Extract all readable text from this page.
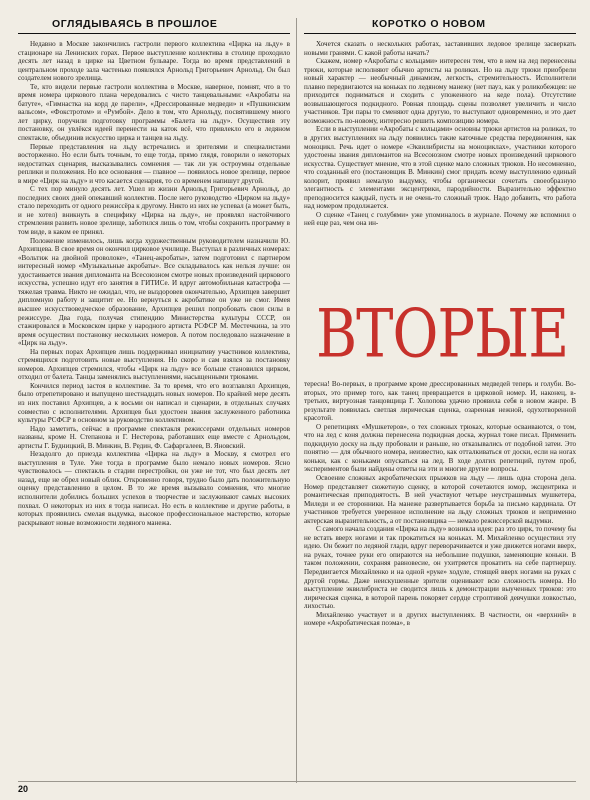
ОГЛЯДЫВАЯСЬ В ПРОШЛОЕ

Недавно в Москве закончились гастроли первого коллектива «Цирка на льду» в стационаре на Ленинских горах. Первое выступление коллектива в столице проходило десять лет назад в цирке на Цветном бульваре. Тогда во время представлений в центральном проходе зала частенько появлялся Арнольд Григорьевич Арнольд. Он был создателем нового зрелища.

Те, кто видели первые гастроли коллектива в Москве, наверное, помнят, что в то время номера циркового плана чередовались с чисто танцевальными: «Акробаты на батуте», «Гимнастка на корд де парели», «Дрессированные медведи» и «Пушкинским вальсом», «Фокстротом» и «Румбой». Дело в том, что Арнольду, посвятившему много лет цирку, поручили подготовку программы «Балета на льду». Осуществив эту постановку, он увлёкся идеей перенести на каток всё, что привлекло его в ледяном спектакле, объединив искусство цирка и танцев на льду.

Первые представления на льду встречались и зрителями и специалистами восторженно. Но если быть точным, то еще тогда, прямо глядя, говорили о некоторых недостатках сценария, высказывались сомнения — так ли уж остроумны отдельные реплики и положения. Но все основания — главное — появилось новое зрелище, первое в мире «Цирк на льду» и что касается сценария, то со временем напишут другой.

С тех пор минуло десять лет. Ушел из жизни Арнольд Григорьевич Арнольд, до последних своих дней опекавший коллектив. После него руководство «Цирком на льду» стало переходить от одного режиссёра к другому. Никто из них не успевал (а может быть, и не хотел) вникнуть в специфику «Цирка на льду», не проявлял настойчивого стремления развить новое зрелище, заботился лишь о том, чтобы сохранить программу в том виде, в каком ее принял.

Положение изменилось, лишь когда художественным руководителем назначили Ю. Архипцева. В свое время он окончил цирковое училище. Выступал в различных номерах: «Вольтиж на двойной проволоке», «Танец-акробаты», затем подготовил с партнером интересный номер «Музыкальные акробаты». Все складывалось как нельзя лучше: он удостаивается звания дипломанта на Всесоюзном смотре новых произведений циркового искусства, успешно идут его занятия в ГИТИСе. И вдруг автомобильная катастрофа — тяжелая травма. Никто не ожидал, что, не выздоровев окончательно, Архипцев завершит дипломную работу и защитит ее. Но вернуться к акробатике он уже не смог. Имея высшее искусствоведческое образование, Архипцев решил попробовать свои силы в режиссуре. Два года, получая стипендию Министерства культуры СССР, он стажировался в Московском цирке у народного артиста РСФСР М. Местечкина, за это время осуществил постановку нескольких номеров. А потом последовало назначение в «Цирк на льду».

На первых порах Архипцев лишь поддерживал инициативу участников коллектива, стремящихся подготовить новые выступления. Но скоро и сам взялся за постановку номеров. Архипцев стремился, чтобы «Цирк на льду» все больше становился цирком, отходил от балета. Танцы заменялись выступлениями, насыщенными трюками.

Кончился период застоя в коллективе. За то время, что его возглавлял Архипцев, было отрепетировано и выпущено шестнадцать новых номеров. По крайней мере десять из них поставил Архипцев, а к восьми он написал и сценарии, в отдельных случаях совместно с исполнителями. Архипцев был удостоен звания заслуженного работника культуры РСФСР в основном за руководство коллективом.

Надо заметить, сейчас в программе спектакля режиссерами отдельных номеров названы, кроме Н. Степанова и Г. Нестерова, работавших еще вместе с Арнольдом, артисты Г. Будницкий, В. Минкин, В. Редин, Ф. Сафаргалеев, В. Яновский.

Незадолго до приезда коллектива «Цирка на льду» в Москву, я смотрел его выступления в Туле. Уже тогда в программе было немало новых номеров. Ясно чувствовалось — спектакль в стадии перестройки, он уже не тот, что был десять лет назад, еще не обрел новый облик. Откровенно говоря, трудно было дать положительную оценку представлению в целом. В то же время вызывало сомнения, что многие исполнители добились больших успехов в творчестве и заслуживают самых высоких похвал. О некоторых из них я тогда написал. Но есть в коллективе и другие работы, в которых проявились смелая выдумка, высокое профессиональное мастерство, которые раскрывают новые возможности ледяного манежа.

КОРОТКО О НОВОМ

Хочется сказать о нескольких работах, заставивших ледовое зрелище засверкать новыми гранями. С какой работы начать?

Скажем, номер «Акробаты с кольцами» интересен тем, что в нем на лед перенесены трюки, которые исполняют обычно артисты на роликах. Но на льду трюки приобрели новый характер — необычный динамизм, легкость, стремительность. Исполнители плавно передвигаются на коньках по ледяному манежу (нет пауз, как у роликобежцев: не приходится подниматься и сходить с упоженного на кеде пола). Отсутствие возвышающегося подкидного. Ровная площадь сцены позволяет увеличить и число участников. Три пары то сменяют одна другую, то выступают одновременно, и это дает возможность по-новому, интересно решить композицию номера.

Если в выступлении «Акробаты с кольцами» основны трюки артистов на роликах, то в других выступлениях на льду появились такие каточные средства передвижения, как моноцикл. Речь идет о номере «Эквилибристы на моноциклах», участники которого удостоены звания дипломантов на Всесоюзном смотре новых произведений циркового искусства. Существует мнение, что в этой сценке мало сложных трюков. Но несомненно, что созданный его (постановщик В. Минкин) смог придать всему выступлению единый колорит, проявил немалую выдумку, чтобы органически сочетать своеобразную элегантность с элементами эксцентрики, пародийности. Выразительно эффектно преподносится каждый, пусть и не очень-то сложный трюк. Надо добавить, что работа над номером продолжается.

О сценке «Танец с голубями» уже упоминалось в журнале. Почему же вспомнил о ней еще раз, чем она ин-

ВТОРЫЕ

тересна! Во-первых, в программе кроме дрессированных медведей теперь и голуби. Во-вторых, это пример того, как танец превращается в цирковой номер. И, наконец, в-третьих, виртуозная танцовщица Г. Холопова удачно проявила себя в новом жанре. В результате появилась светлая лирическая сценка, озаренная нежной, одухотворенной красотой.

О репетициях «Мушкетеров», о тех сложных трюках, которые осваиваются, о том, что на лед с коня должна перенесена подкидная доска, журнал тоже писал. Применить подкидную доску на льду пробовали и раньше, но отказывались от подобной затеи. Это понятно — для обычного номера, неизвестно, как отталкиваться от доски, если на ногах коньки, как с коньками опускаться на лед. В ходе долгих репетиций, путем проб, экспериментов были найдены ответы на эти и многие другие вопросы.

Освоение сложных акробатических прыжков на льду — лишь одна сторона дела. Номер представляет сюжетную сценку, в которой сочетаются юмор, эксцентрика и романтическая приподнятость. В ней участвуют четыре неустрашимых мушкетера, Миледи и ее сторонники. На манеже развертывается борьба за письмо кардинала. От участников требуется уверенное исполнение на льду сложных трюков и неприменно актерская выразительность, а от постановщика — немало режиссерской выдумки.

С самого начала создания «Цирка на льду» возникла идея: раз это цирк, то почему бы не встать вверх ногами и так прокатиться на коньках. М. Михайленко осуществил эту идею. Он бежит по ледяной глади, вдруг переворачивается и уже движется ногами вверх, на руках, точнее руки его опираются на небольшие подушки, заменяющие коньки. В таком положении, сохраняя равновесие, он ухитряется прокатить на себе партнершу. Передвигается Михайленко и на одной «руке» ходуле, стоящей вверх ногами на руках с другой гормы. Даже неискушенные зрители оценивают всю сложность номера. Но выступление эквилибриста не сводится лишь к демонстрации выученных трюков: это лирическая сценка, в которой парень покоряет сердце строптивой девчушки ловкостью, лихостью.

Михайленко участвует и в других выступлениях. В частности, он «верхний» в номере «Акробатическая поэма», в

20
